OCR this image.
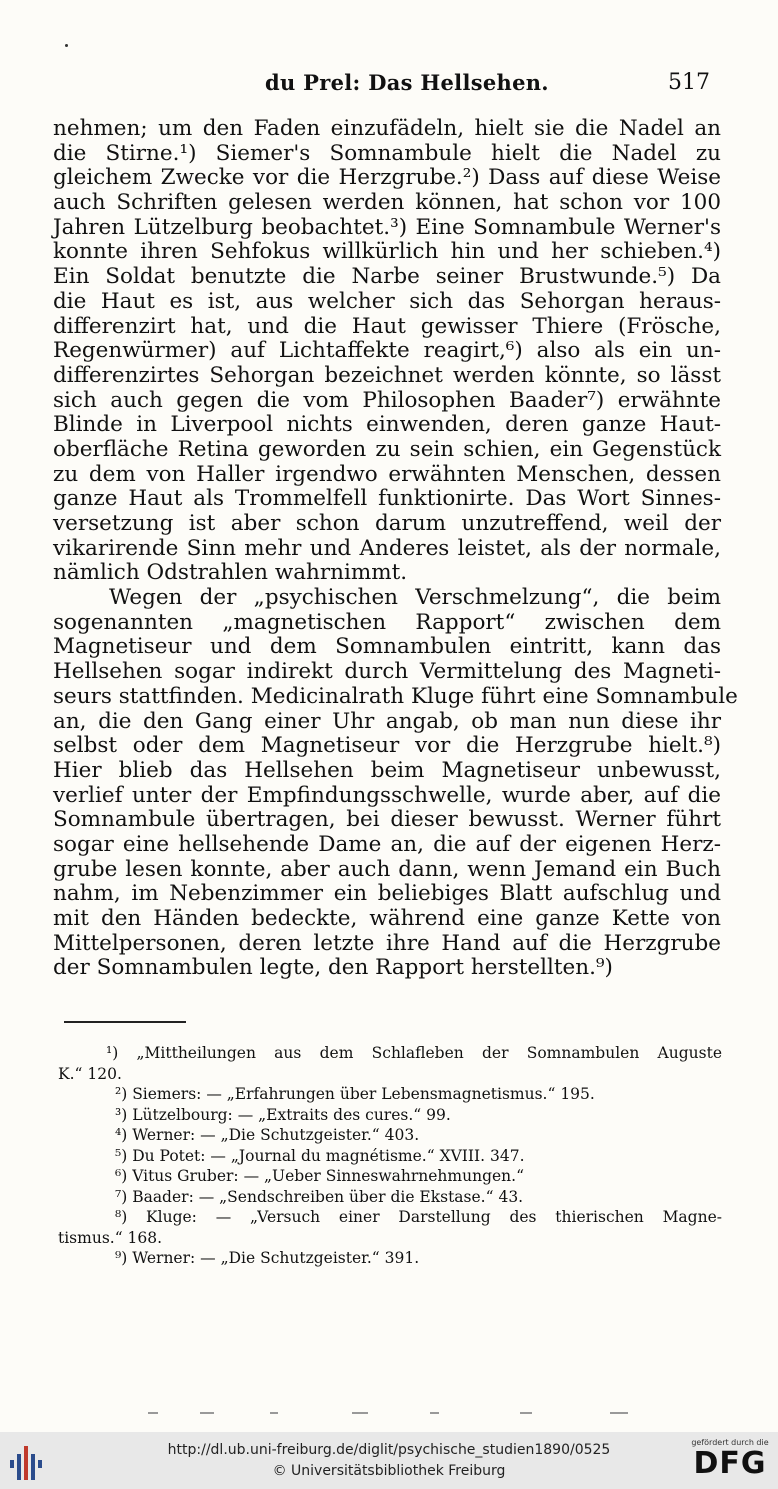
du Prel: Das Hellsehen.	517
nehmen; um den Faden einzufädeln, hielt sie die Nadel an
die Stirne.¹) Siemer's Somnambule hielt die Nadel zu
gleichem Zwecke vor die Herzgrube.²) Dass auf diese Weise
auch Schriften gelesen werden können, hat schon vor 100
Jahren Lützelburg beobachtet.³) Eine Somnambule Werner's
konnte ihren Sehfokus willkürlich hin und her schieben.⁴)
Ein Soldat benutzte die Narbe seiner Brustwunde.⁵) Da
die Haut es ist, aus welcher sich das Sehorgan heraus-
differenzirt hat, und die Haut gewisser Thiere (Frösche,
Regenwürmer) auf Lichtaffekte reagirt,⁶) also als ein un-
differenzirtes Sehorgan bezeichnet werden könnte, so lässt
sich auch gegen die vom Philosophen Baader⁷) erwähnte
Blinde in Liverpool nichts einwenden, deren ganze Haut-
oberfläche Retina geworden zu sein schien, ein Gegenstück
zu dem von Haller irgendwo erwähnten Menschen, dessen
ganze Haut als Trommelfell funktionirte. Das Wort Sinnes-
versetzung ist aber schon darum unzutreffend, weil der
vikarirende Sinn mehr und Anderes leistet, als der normale,
nämlich Odstrahlen wahrnimmt.
Wegen der „psychischen Verschmelzung“, die beim
sogenannten „magnetischen Rapport“ zwischen dem
Magnetiseur und dem Somnambulen eintritt, kann das
Hellsehen sogar indirekt durch Vermittelung des Magneti-
seurs stattfinden. Medicinalrath Kluge führt eine Somnambule
an, die den Gang einer Uhr angab, ob man nun diese ihr
selbst oder dem Magnetiseur vor die Herzgrube hielt.⁸)
Hier blieb das Hellsehen beim Magnetiseur unbewusst,
verlief unter der Empfindungsschwelle, wurde aber, auf die
Somnambule übertragen, bei dieser bewusst. Werner führt
sogar eine hellsehende Dame an, die auf der eigenen Herz-
grube lesen konnte, aber auch dann, wenn Jemand ein Buch
nahm, im Nebenzimmer ein beliebiges Blatt aufschlug und
mit den Händen bedeckte, während eine ganze Kette von
Mittelpersonen, deren letzte ihre Hand auf die Herzgrube
der Somnambulen legte, den Rapport herstellten.⁹)
¹) „Mittheilungen aus dem Schlafleben der Somnambulen Auguste
K.“ 120.
²) Siemers: — „Erfahrungen über Lebensmagnetismus.“ 195.
³) Lützelbourg: — „Extraits des cures.“ 99.
⁴) Werner: — „Die Schutzgeister.“ 403.
⁵) Du Potet: — „Journal du magnétisme.“ XVIII. 347.
⁶) Vitus Gruber: — „Ueber Sinneswahrnehmungen.“
⁷) Baader: — „Sendschreiben über die Ekstase.“ 43.
⁸) Kluge: — „Versuch einer Darstellung des thierischen Magne-
tismus.“ 168.
⁹) Werner: — „Die Schutzgeister.“ 391.
http://dl.ub.uni-freiburg.de/diglit/psychische_studien1890/0525
© Universitätsbibliothek Freiburg
gefördert durch die
DFG
